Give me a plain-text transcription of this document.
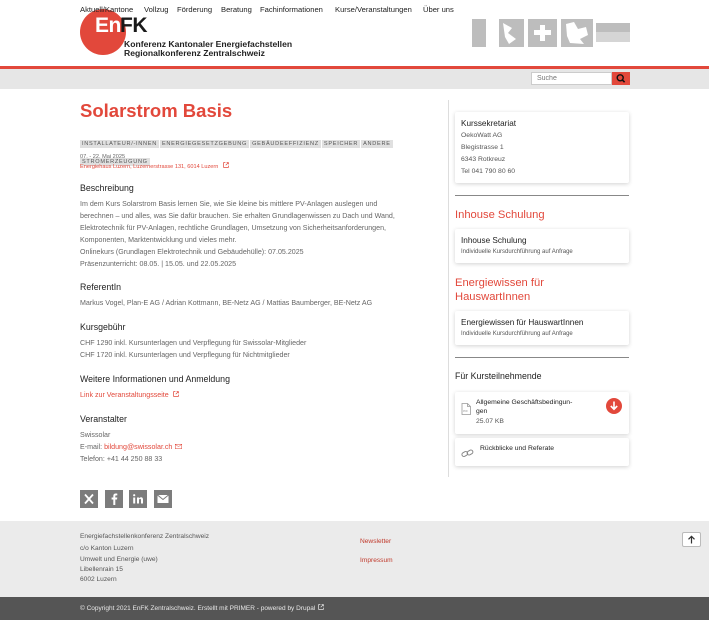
En FK
Konferenz Kantonaler Energiefachstellen
Regionalkonferenz Zentralschweiz
Aktuell/Kantone Vollzug Förderung Beratung Fachinformationen Kurse/Veranstaltungen Über uns
Suche
Solarstrom Basis
INSTALLATEUR/-INNEN ENERGIEGESETZGEBUNG GEBÄUDEEFFIZIENZ SPEICHER ANDERESTROMERZEUGUNG
07. - 22. Mai 2025
Energiehaus Luzern, Luzernerstrasse 131, 6014 Luzern
Beschreibung
Im dem Kurs Solarstrom Basis lernen Sie, wie Sie kleine bis mittlere PV-Anlagen auslegen und
berechnen – und alles, was Sie dafür brauchen. Sie erhalten Grundlagenwissen zu Dach und Wand,
Elektrotechnik für PV-Anlagen, rechtliche Grundlagen, Umsetzung von Sicherheitsanforderungen,
Komponenten, Marktentwicklung und vieles mehr.
Onlinekurs (Grundlagen Elektrotechnik und Gebäudehülle): 07.05.2025
Präsenzunterricht: 08.05. | 15.05. und 22.05.2025
ReferentIn
Markus Vogel, Plan-E AG / Adrian Kottmann, BE-Netz AG / Mattias Baumberger, BE-Netz AG
Kursgebühr
CHF 1290 inkl. Kursunterlagen und Verpflegung für Swissolar-Mitglieder
CHF 1720 inkl. Kursunterlagen und Verpflegung für Nichtmitglieder
Weitere Informationen und Anmeldung
Link zur Veranstaltungsseite
Veranstalter
Swissolar
E-mail: bildung@swissolar.ch
Telefon: +41 44 250 88 33
Kurssekretariat
OekoWatt AG
Blegistrasse 1
6343 Rotkreuz
Tel 041 790 80 60
Inhouse Schulung
Inhouse Schulung
Individuelle Kursdurchführung auf Anfrage
Energiewissen für
HauswartInnen
Energiewissen für HauswartInnen
Individuelle Kursdurchführung auf Anfrage
Für Kursteilnehmende
PDF
Allgemeine Geschäftsbedingun-
gen
25.07 KB
Rückblicke und Referate
Energiefachstellenkonferenz Zentralschweiz
c/o Kanton Luzern
Umwelt und Energie (uwe)
Libellenrain 15
6002 Luzern
Newsletter
Impressum
© Copyright 2021 EnFK Zentralschweiz. Erstellt mit PRIMER - powered by Drupal
